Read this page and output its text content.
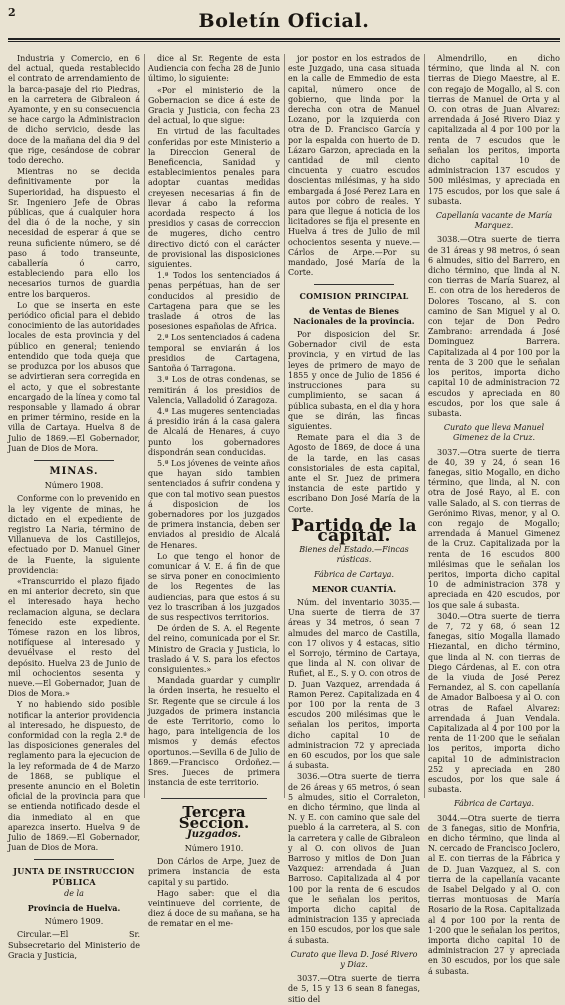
2	Boletín Oficial.

Industria y Comercio, en 6 del actual, queda restablecido el contrato de arrendamiento de la barca-pasaje del rio Piedras, en la carretera de Gibraleon á Ayamonte, y en su consecuencia se hace cargo la Administracion de dicho servicio, desde las doce de la mañana del dia 9 del que rige, cesándose de cobrar todo derecho.

Mientras no se decida definitivamente por la Superioridad, ha dispuesto el Sr. Ingeniero Jefe de Obras públicas, que á cualquier hora del dia ó de la noche, y sin necesidad de esperar á que se reuna suficiente número, se dé paso á todo transeunte, caballería ó carro, estableciendo para ello los necesarios turnos de guardia entre los barqueros.

Lo que se inserta en este periódico oficial para el debido conocimiento de las autoridades locales de esta provincia y del público en general; teniendo entendido que toda queja que se produzca por los abusos que se advirtieran sera corregida en el acto, y que el sobrestante encargado de la línea y como tal responsable y llamado á obrar en primer término, reside en la villa de Cartaya. Huelva 8 de Julio de 1869.—El Gobernador, Juan de Dios de Mora.

MINAS.
Número 1908.

Conforme con lo prevenido en la ley vigente de minas, he dictado en el expediente de registro La Naria, término de Villanueva de los Castillejos, efectuado por D. Manuel Giner de la Fuente, la siguiente providencia:

«Transcurrido el plazo fijado en mi anterior decreto, sin que el interesado haya hecho reclamacion alguna, se declara fenecido este expediente. Tómese razon en los libros, notifíquese al interesado y devuélvase el resto del depósito. Huelva 23 de Junio de mil ochocientos sesenta y nueve.—El Gobernador, Juan de Dios de Mora.»

Y no habiendo sido posible notificar la anterior providencia al interesado, he dispuesto, de conformidad con la regla 2.ª de las disposiciones generales del reglamento para la ejecucion de la ley reformada de 4 de Marzo de 1868, se publique el presente anuncio en el Boletin oficial de la provincia para que se entienda notificado desde el dia inmediato al en que aparezca inserto. Huelva 9 de Julio de 1869.—El Gobernador, Juan de Dios de Mora.

JUNTA DE INSTRUCCION PÚBLICA
de la
Provincia de Huelva.
Número 1909.

Circular.—El Sr. Subsecretario del Ministerio de Gracia y Justicia,

dice al Sr. Regente de esta Audiencia con fecha 28 de Junio último, lo siguiente:

«Por el ministerio de la Gobernacion se dice á este de Gracia y Justicia, con fecha 23 del actual, lo que sigue:

En virtud de las facultades conferidas por este Ministerio a la Direccion General de Beneficencia, Sanidad y establecimientos penales para adoptar cuantas medidas creyesen necesarias á fin de llevar á cabo la reforma acordada respecto á los presidios y casas de correccion de mugeres, dicho centro directivo dictó con el carácter de provisional las disposiciones siguientes.

1.ª Todos los sentenciados á penas perpétuas, han de ser conducidos al presidio de Cartagena para que se les traslade á otros de las posesiones españolas de Africa.

2.ª Los sentenciados á cadena temporal se enviarán á los presidios de Cartagena, Santoña ó Tarragona.

3.ª Los de otras condenas, se remitirán á los presidios de Valencia, Valladolid ó Zaragoza.

4.ª Las mugeres sentenciadas á presidio irán á la casa galera de Alcalá de Henares, á cuyo punto los gobernadores dispondrán sean conducidas.

5.ª Los jóvenes de veinte años que hayan sido tambien sentenciados á sufrir condena y que con tal motivo sean puestos á disposicion de los gobernadores por los juzgados de primera instancia, deben ser enviados al presidio de Alcalá de Henares.

Lo que tengo el honor de comunicar á V. E. á fin de que se sirva poner en conocimiento de los Regentes de las audiencias, para que estos á su vez lo trascriban á los juzgados de sus respectivos territorios.

De órden de S. A. el Regente del reino, comunicada por el Sr. Ministro de Gracia y Justicia, lo traslado á V. S. para los efectos consiguientes.»

Mandada guardar y cumplir la órden inserta, he resuelto el Sr. Regente que se circule á los juzgados de primera instancia de este Territorio, como lo hago, para inteligencia de los mismos y demás efectos oportunos.—Sevilla 6 de Julio de 1869.—Francisco Ordoñez.—Sres. Jueces de primera instancia de este territorio.

Tercera Seccion.
Juzgados.
Número 1910.

Don Cárlos de Arpe, Juez de primera instancia de esta capital y su partido.

Hago saber: que el dia veintinueve del corriente, de diez á doce de su mañana, se ha de rematar en el me-

jor postor en los estrados de este Juzgado, una casa situada en la calle de Emmedio de esta capital, número once de gobierno, que linda por la derecha con otra de Manuel Lozano, por la izquierda con otra de D. Francisco García y por la espalda con huerto de D. Lázaro Garzon, apreciada en la cantidad de mil ciento cincuenta y cuatro escudos doscientas milésimas, y ha sido embargada á José Perez Lara en autos por cobro de reales. Y para que llegue á noticia de los licitadores se fija el presente en Huelva á tres de Julio de mil ochocientos sesenta y nueve.—Cárlos de Arpe.—Por su mandado, José María de la Corte.

COMISION PRINCIPAL
de Ventas de Bienes Nacionales de la provincia.

Por disposicion del Sr. Gobernador civil de esta provincia, y en virtud de las leyes de primero de mayo de 1855 y once de Julio de 1856 é instrucciones para su cumplimiento, se sacan á pública subasta, en el dia y hora que se dirán, las fincas siguientes.

Remate para el dia 3 de Agosto de 1869, de doce á una de la tarde, en las casas consistoriales de esta capital, ante el Sr. Juez de primera instancia de este partido y escribano Don José María de la Corte.

Partido de la capital.
Bienes del Estado.—Fincas rústicas.
Fábrica de Cartaya.
MENOR CUANTÍA.

Núm. del inventario 3035.—Una suerte de tierra de 37 áreas y 34 metros, ó sean 7 almudes del marco de Castilla, con 17 olivos y 4 estacas, sitio el Sorrojo, término de Cartaya, que linda al N. con olivar de Rufiet, al E., S. y O. con otros de D. Juan Vazquez, arrendada á Ramon Perez. Capitalizada en 4 por 100 por la renta de 3 escudos 200 milésimas que le señalan los peritos, importa dicho capital 10 de administracion 72 y apreciada en 60 escudos, por los que sale á subasta.

3036.—Otra suerte de tierra de 26 áreas y 65 metros, ó sean 5 almudes, sitio el Corraleton, en dicho término, que linda al N. y E. con camino que sale del pueblo á la carretera, al S. con la carretera y calle de Gibraleon y al O. con olivos de Juan Barroso y mitlos de Don Juan Vazquez: arrendada á Juan Barroso. Capitalizada al 4 por 100 por la renta de 6 escudos que le señalan los peritos, importa dicho capital de administracion 135 y apreciada en 150 escudos, por los que sale á subasta.

Curato que lleva D. José Rivero y Diaz.

3037.—Otra suerte de tierra de 5, 15 y 13 6 sean 8 fanegas, sitio del

Almendrillo, en dicho término, que linda al N. con tierras de Diego Maestre, al E. con regajo de Mogallo, al S. con tierras de Manuel de Orta y al O. con otras de Juan Alvarez: arrendada á José Rivero Diaz y capitalizada al 4 por 100 por la renta de 7 escudos que le señalan los peritos, importa dicho capital 10 de administracion 137 escudos y 500 milésimas, y apreciada en 175 escudos, por los que sale á subasta.

Capellanía vacante de María Marquez.

3038.—Otra suerte de tierra de 31 áreas y 98 metros, ó sean 6 almudes, sitio del Barrero, en dicho término, que linda al N. con tierras de María Suarez, al E. con otra de los herederos de Dolores Toscano, al S. con camino de San Miguel y al O. con tejar de Don Pedro Zambrano: arrendada á José Dominguez Barrera. Capitalizada al 4 por 100 por la renta de 3 200 que le señalan los peritos, importa dicho capital 10 de administracion 72 escudos y apreciada en 80 escudos, por los que sale á subasta.

Curato que lleva Manuel Gimenez de la Cruz.

3037.—Otra suerte de tierra de 40, 39 y 24, ó sean 16 fanegas, sitio Mogallo, en dicho término, que linda, al N. con otra de José Rayo, al E. con valle Salado, al S. con tierras de Gerónimo Rivas, menor, y al O. con regajo de Mogallo; arrendada á Manuel Gimenez de la Cruz. Capitalizada por la renta de 16 escudos 800 milésimas que le señalan los peritos, importa dicho capital 10 de administracion 378 y apreciada en 420 escudos, por los que sale á subasta.

3040.—Otra suerte de tierra de 7, 72 y 68, ó sean 12 fanegas, sitio Mogalla llamado Hiezantal, en dicho término, que linda al N. con tierras de Diego Cárdenas, al E. con otra de la viuda de José Perez Fernandez, al S. con capellanía de Amador Balboesa y al O. con otras de Rafael Alvarez: arrendada á Juan Vendala. Capitalizada al 4 por 100 por la renta de 11·200 que le señalan los peritos, importa dicho capital 10 de administracion 252 y apreciada en 280 escudos, por los que sale á subasta.

Fábrica de Cartaya.

3044.—Otra suerte de tierra de 3 fanegas, sitio de Monfria, en dicho término, que linda al N. cercado de Francisco Joclero, al E. con tierras de la Fábrica y de D. Juan Vazquez, al S. con tierra de la capellanía vacante de Isabel Delgado y al O. con tierras montuosas de María Rosario de la Rosa. Capitalizada al 4 por 100 por la renta de 1·200 que le señalan los peritos, importa dicho capital 10 de administracion 27 y apreciada en 30 escudos, por los que sale á subasta.
